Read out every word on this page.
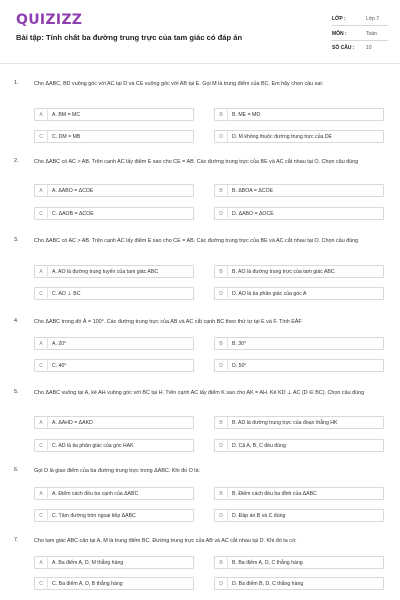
QUIZIZZ
Bài tập: Tính chất ba đường trung trực của tam giác có đáp án
LỚP :	Lớp 7
MÔN :	Toán
SỐ CÂU : 10
1.	Cho ΔABC, BD vuông góc với AC tại D và CE vuông góc với AB tại E. Gọi M là trung điểm của BC. Em hãy chọn câu sai:
A	A. BM = MC	B	B. ME = MD
C	C. DM = MB	D	D. M không thuộc đường trung trực của DE
2.	Cho ΔABC có AC > AB. Trên cạnh AC lấy điểm E sao cho CE = AB. Các đường trung trực của BE và AC cắt nhau tại O. Chọn câu đúng
A	A. ΔABO = ΔCOE	B	B. ΔBOA = ΔCOE
C	C. ΔAOB = ΔCOE	D	D. ΔABO = ΔOCE
3.	Cho ΔABC có AC > AB. Trên cạnh AC lấy điểm E sao cho CE = AB. Các đường trung trực của BE và AC cắt nhau tại O. Chọn câu đúng
A	A. AO là đường trung tuyến của tam giác ABC	B	B. AO là đường trung trực của tam giác ABC
C	C. AO ⊥ BC	D	D. AO là tia phân giác của góc A
4.	Cho ΔABC trong đó Â = 100°. Các đường trung trực của AB và AC cắt cạnh BC theo thứ tự tại E và F. Tính EÂF
A	A. 20°	B	B. 30°
C	C. 40°	D	D. 50°
5.	Cho ΔABC vuông tại A, kẻ AH vuông góc với BC tại H. Trên cạnh AC lấy điểm K sao cho AK = AH. Kẻ KD ⊥ AC (D ∈ BC). Chọn câu đúng
A	A. ΔAHD = ΔAKD	B	B. AD là đường trung trực của đoạn thẳng HK
C	C. AD là tia phân giác của góc HAK	D	D. Cả A, B, C đều đúng
6.	Gọi O là giao điểm của ba đường trung trực trong ΔABC. Khi đó O là:
A	A. Điểm cách đều ba cạnh của ΔABC	B	B. Điểm cách đều ba đỉnh của ΔABC
C	C. Tâm đường tròn ngoại tiếp ΔABC	D	D. Đáp án B và C đúng
7.	Cho tam giác ABC cân tại A, M là trung điểm BC. Đường trung trực của AB và AC cắt nhau tại D. Khi đó ta có:
A	A. Ba điểm A, D, M thẳng hàng	B	B. Ba điểm A, D, C thẳng hàng
C	C. Ba điểm A, D, B thẳng hàng	D	D. Ba điểm B, D, C thẳng hàng
